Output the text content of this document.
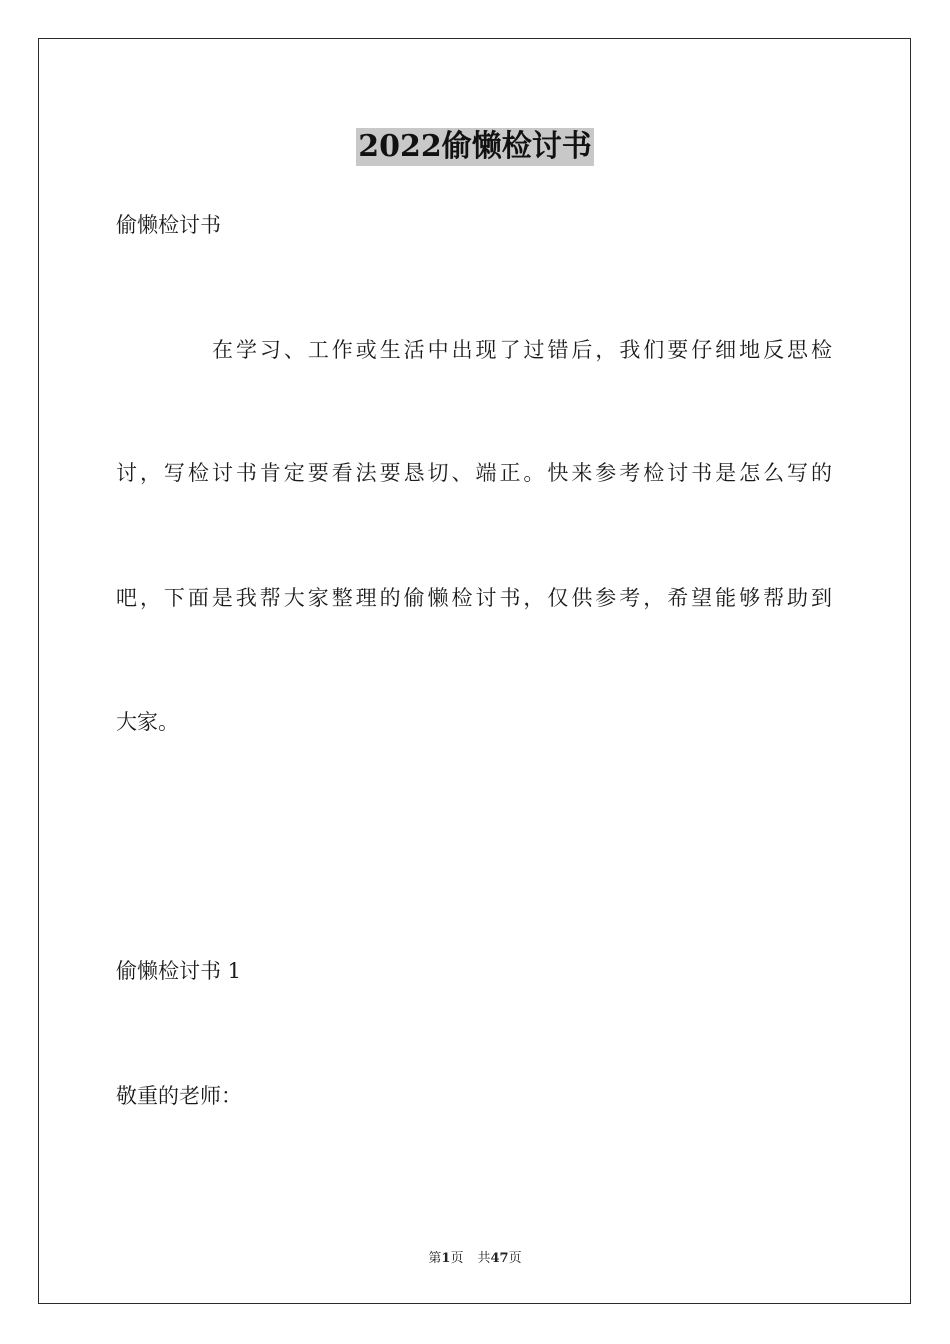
2022偷懒检讨书
偷懒检讨书
在学习、工作或生活中出现了过错后，我们要仔细地反思检
讨，写检讨书肯定要看法要恳切、端正。快来参考检讨书是怎么写的
吧，下面是我帮大家整理的偷懒检讨书，仅供参考，希望能够帮助到
大家。
偷懒检讨书 1
敬重的老师：
第1页 共47页
